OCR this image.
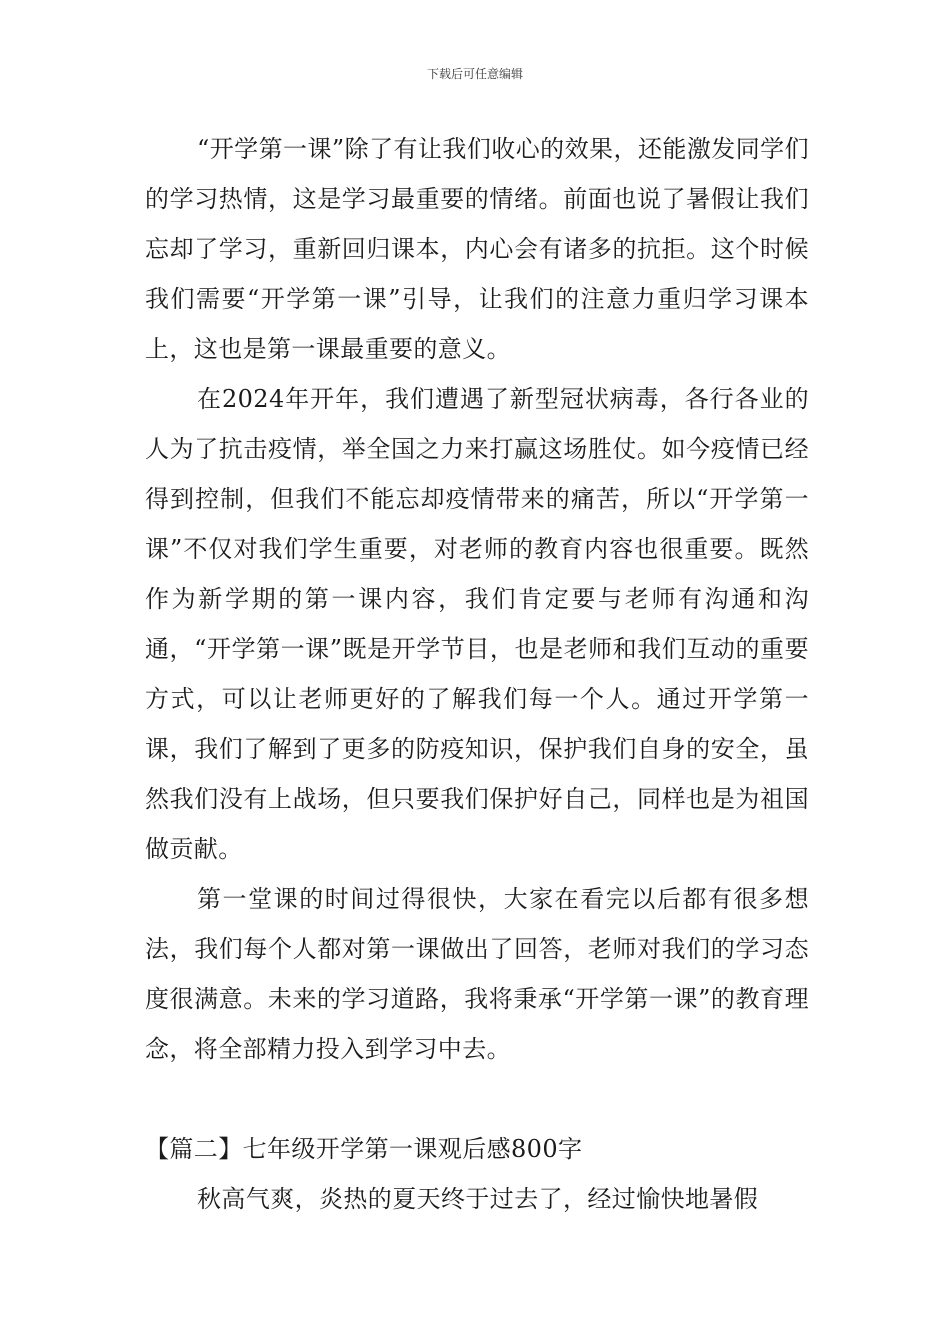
下载后可任意编辑

“开学第一课”除了有让我们收心的效果，还能激发同学们的学习热情，这是学习最重要的情绪。前面也说了暑假让我们忘却了学习，重新回归课本，内心会有诸多的抗拒。这个时候我们需要“开学第一课”引导，让我们的注意力重归学习课本上，这也是第一课最重要的意义。

在2024年开年，我们遭遇了新型冠状病毒，各行各业的人为了抗击疫情，举全国之力来打赢这场胜仗。如今疫情已经得到控制，但我们不能忘却疫情带来的痛苦，所以“开学第一课”不仅对我们学生重要，对老师的教育内容也很重要。既然作为新学期的第一课内容，我们肯定要与老师有沟通和沟通，“开学第一课”既是开学节目，也是老师和我们互动的重要方式，可以让老师更好的了解我们每一个人。通过开学第一课，我们了解到了更多的防疫知识，保护我们自身的安全，虽然我们没有上战场，但只要我们保护好自己，同样也是为祖国做贡献。

第一堂课的时间过得很快，大家在看完以后都有很多想法，我们每个人都对第一课做出了回答，老师对我们的学习态度很满意。未来的学习道路，我将秉承“开学第一课”的教育理念，将全部精力投入到学习中去。

【篇二】七年级开学第一课观后感800字

秋高气爽，炎热的夏天终于过去了，经过愉快地暑假
